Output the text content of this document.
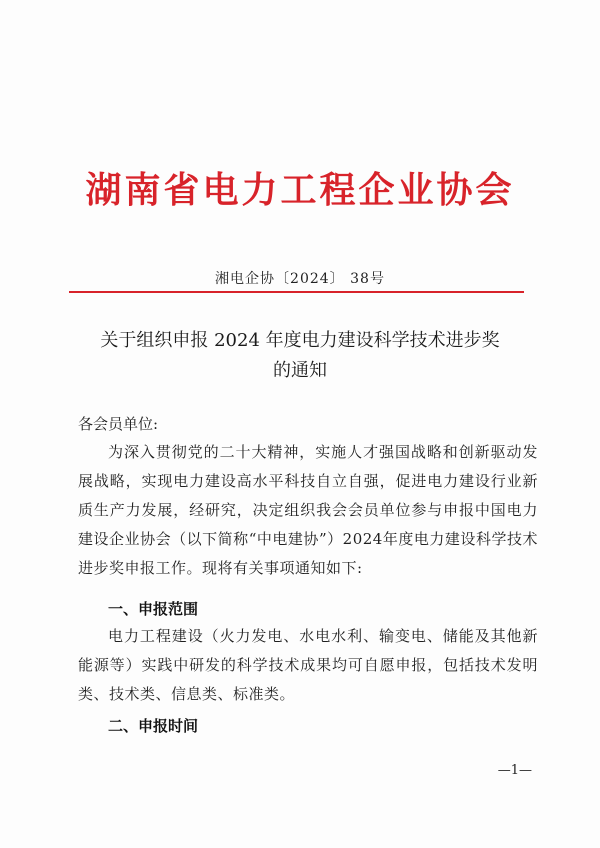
湖南省电力工程企业协会
湘电企协〔2024〕 38号
关于组织申报 2024 年度电力建设科学技术进步奖
的通知
各会员单位:
为深入贯彻党的二十大精神，实施人才强国战略和创新驱动发展战略，实现电力建设高水平科技自立自强，促进电力建设行业新质生产力发展，经研究，决定组织我会会员单位参与申报中国电力建设企业协会（以下简称“中电建协”）2024年度电力建设科学技术进步奖申报工作。现将有关事项通知如下:
一、申报范围
电力工程建设（火力发电、水电水利、输变电、储能及其他新能源等）实践中研发的科学技术成果均可自愿申报，包括技术发明类、技术类、信息类、标准类。
二、申报时间
—1—
